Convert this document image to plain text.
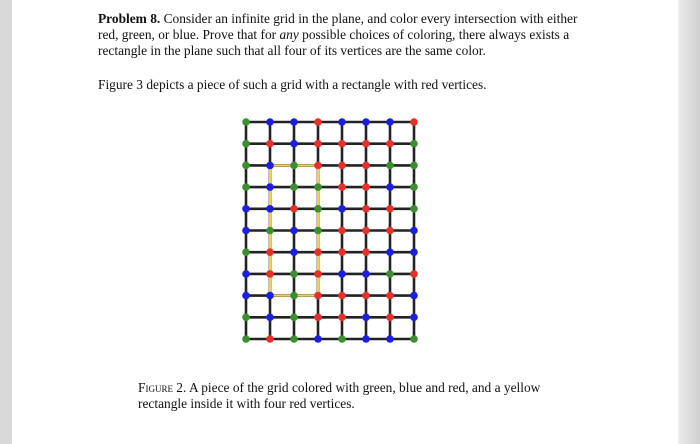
Problem 8. Consider an infinite grid in the plane, and color every intersection with either red, green, or blue. Prove that for any possible choices of coloring, there always exists a rectangle in the plane such that all four of its vertices are the same color.

Figure 3 depicts a piece of such a grid with a rectangle with red vertices.

Figure 2. A piece of the grid colored with green, blue and red, and a yellow rectangle inside it with four red vertices.
